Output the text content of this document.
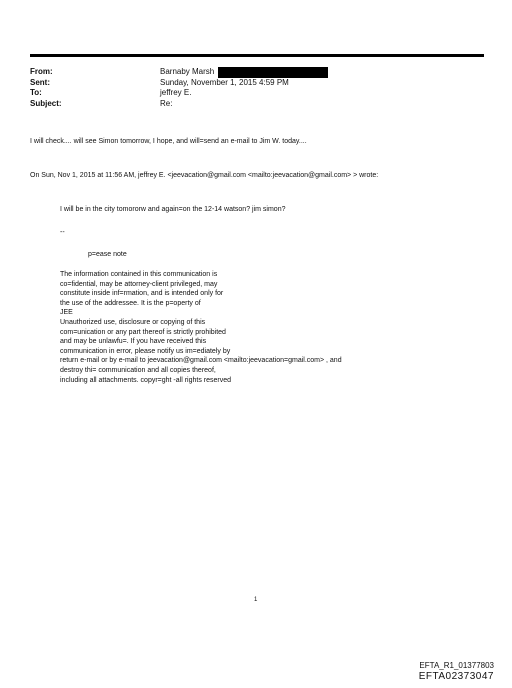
From:	Barnaby Marsh
Sent:	Sunday, November 1, 2015 4:59 PM
To:	jeffrey E.
Subject:	Re:
I will check.... will see Simon tomorrow, I hope, and will=send an e-mail to Jim W. today....
On Sun, Nov 1, 2015 at 11:56 AM, jeffrey E. <jeevacation@gmail.com <mailto:jeevacation@gmail.com> > wrote:
I will be in the city tomororw and again=on the 12-14 watson? jim simon?
--
p=ease note
The information contained in this communication is
co=fidential, may be attorney-client privileged, may
constitute inside inf=rmation, and is intended only for
the use of the addressee. It is the p=operty of
JEE
Unauthorized use, disclosure or copying of this
com=unication or any part thereof is strictly prohibited
and may be unlawfu=. If you have received this
communication in error, please notify us im=ediately by
return e-mail or by e-mail to jeevacation@gmail.com <mailto:jeevacation=gmail.com> , and
destroy thi= communication and all copies thereof,
including all attachments. copyr=ght -all rights reserved
1
EFTA_R1_01377803
EFTA02373047
